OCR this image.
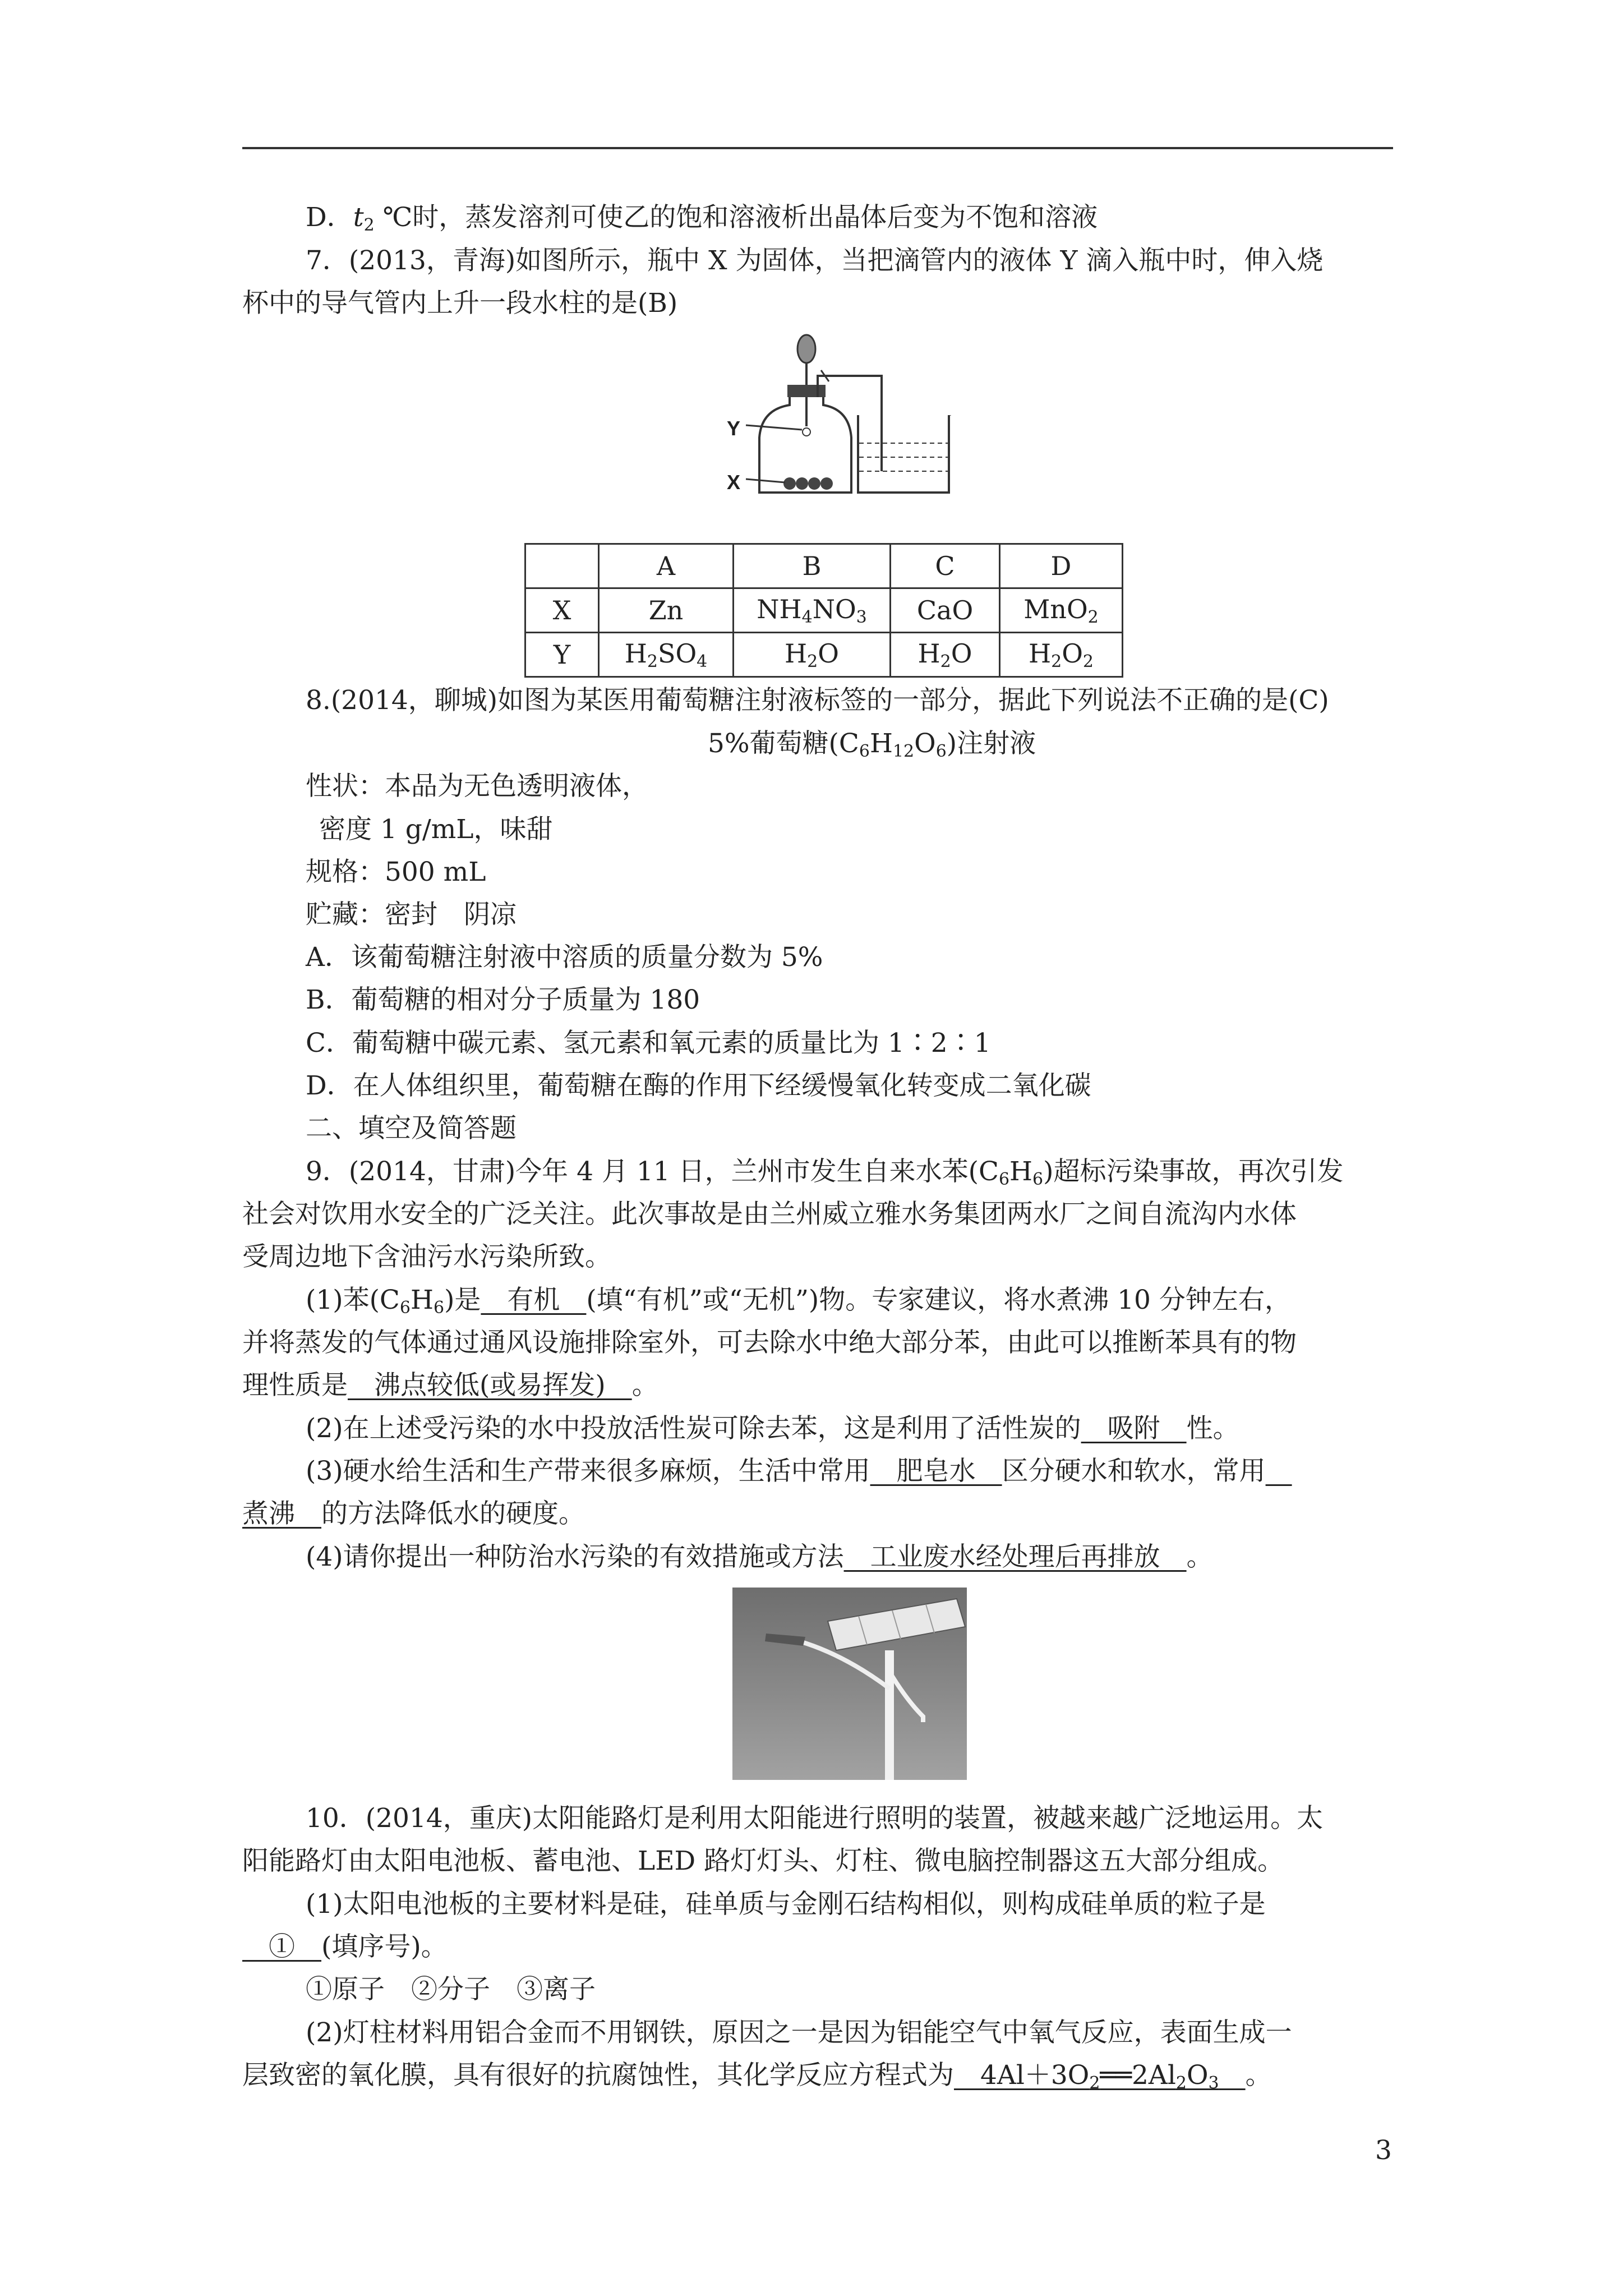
D．$t_2$ ℃时，蒸发溶剂可使乙的饱和溶液析出晶体后变为不饱和溶液
7．(2013，青海)如图所示，瓶中 X 为固体，当把滴管内的液体 Y 滴入瓶中时，伸入烧
杯中的导气管内上升一段水柱的是(B)
Y
X
	A	B	C	D
X	Zn	$NH_4NO_3$	CaO	MnO$_2$
Y	$H_2SO_4$	$H_2O$	$H_2O$	$H_2O_2$
8.(2014，聊城)如图为某医用葡萄糖注射液标签的一部分，据此下列说法不正确的是(C)
5%葡萄糖$(C_6H_{12}O_6)$注射液
性状：本品为无色透明液体，
密度 1 g/mL，味甜
规格：500 mL
贮藏：密封　阴凉
A．该葡萄糖注射液中溶质的质量分数为 5%
B．葡萄糖的相对分子质量为 180
C．葡萄糖中碳元素、氢元素和氧元素的质量比为 1∶2∶1
D．在人体组织里，葡萄糖在酶的作用下经缓慢氧化转变成二氧化碳
二、填空及简答题
9．(2014，甘肃)今年 4 月 11 日，兰州市发生自来水苯$(C_6H_6)$超标污染事故，再次引发
社会对饮用水安全的广泛关注。此次事故是由兰州威立雅水务集团两水厂之间自流沟内水体
受周边地下含油污水污染所致。
(1)苯$(C_6H_6)$是　有机　(填“有机”或“无机”)物。专家建议，将水煮沸 10 分钟左右，
并将蒸发的气体通过通风设施排除室外，可去除水中绝大部分苯，由此可以推断苯具有的物
理性质是　沸点较低(或易挥发)　。
(2)在上述受污染的水中投放活性炭可除去苯，这是利用了活性炭的　吸附　性。
(3)硬水给生活和生产带来很多麻烦，生活中常用　肥皂水　区分硬水和软水，常用　
煮沸　的方法降低水的硬度。
(4)请你提出一种防治水污染的有效措施或方法　工业废水经处理后再排放　。
10．(2014，重庆)太阳能路灯是利用太阳能进行照明的装置，被越来越广泛地运用。太
阳能路灯由太阳电池板、蓄电池、LED 路灯灯头、灯柱、微电脑控制器这五大部分组成。
(1)太阳电池板的主要材料是硅，硅单质与金刚石结构相似，则构成硅单质的粒子是
　①　(填序号)。
①原子　②分子　③离子
(2)灯柱材料用铝合金而不用钢铁，原因之一是因为铝能空气中氧气反应，表面生成一
层致密的氧化膜，具有很好的抗腐蚀性，其化学反应方程式为　$4Al+3O_2══2Al_2O_3$　 。
3
